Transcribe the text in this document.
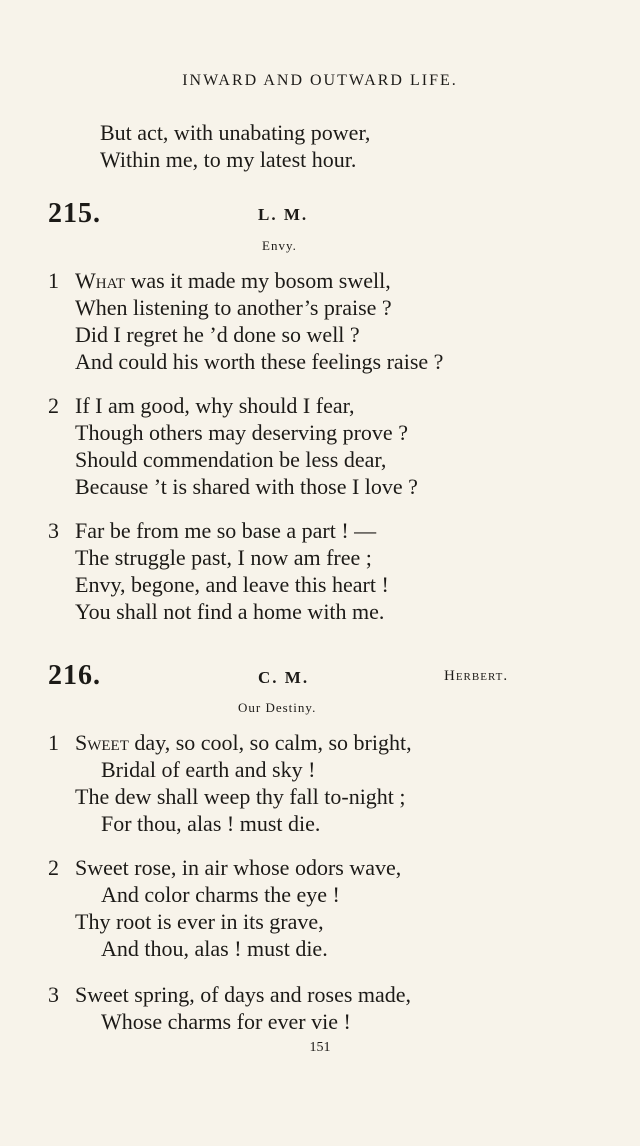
INWARD AND OUTWARD LIFE.
But act, with unabating power,
Within me, to my latest hour.
215.	L. M.
Envy.
1 What was it made my bosom swell,
When listening to another’s praise ?
Did I regret he ’d done so well ?
And could his worth these feelings raise ?
2 If I am good, why should I fear,
Though others may deserving prove ?
Should commendation be less dear,
Because ’t is shared with those I love ?
3 Far be from me so base a part ! —
The struggle past, I now am free ;
Envy, begone, and leave this heart !
You shall not find a home with me.
216.	C. M.	Herbert.
Our Destiny.
1 Sweet day, so cool, so calm, so bright,
Bridal of earth and sky !
The dew shall weep thy fall to-night ;
For thou, alas ! must die.
2 Sweet rose, in air whose odors wave,
And color charms the eye !
Thy root is ever in its grave,
And thou, alas ! must die.
3 Sweet spring, of days and roses made,
Whose charms for ever vie !
151
